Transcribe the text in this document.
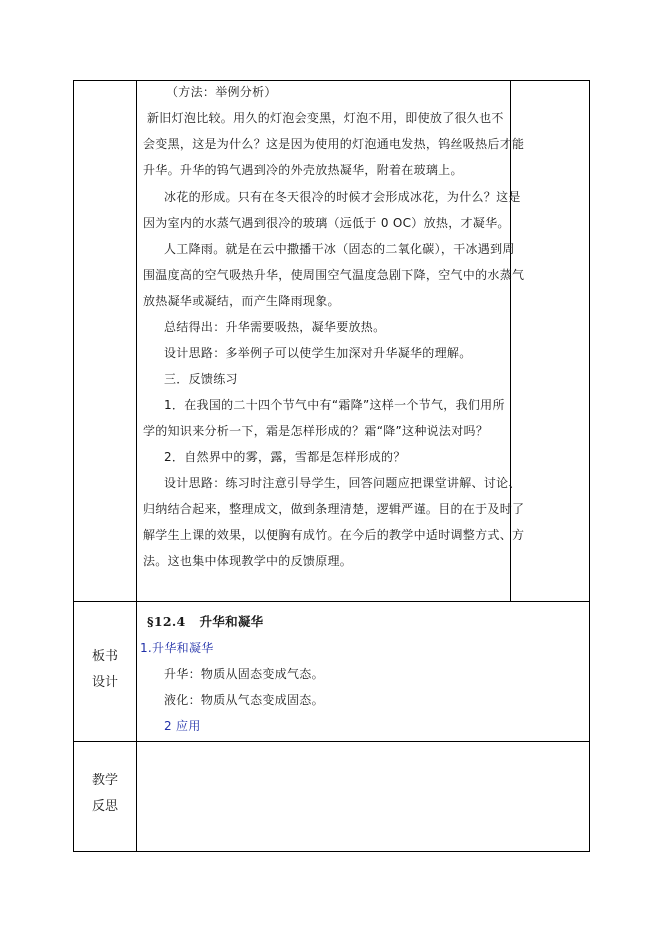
（方法：举例分析）
新旧灯泡比较。用久的灯泡会变黑，灯泡不用，即使放了很久也不
会变黑，这是为什么？这是因为使用的灯泡通电发热，钨丝吸热后才能
升华。升华的钨气遇到冷的外壳放热凝华，附着在玻璃上。
冰花的形成。只有在冬天很冷的时候才会形成冰花，为什么？这是
因为室内的水蒸气遇到很冷的玻璃（远低于 0 OC）放热，才凝华。
人工降雨。就是在云中撒播干冰（固态的二氧化碳），干冰遇到周
围温度高的空气吸热升华，使周围空气温度急剧下降，空气中的水蒸气
放热凝华或凝结，而产生降雨现象。
总结得出：升华需要吸热，凝华要放热。
设计思路：多举例子可以使学生加深对升华凝华的理解。
三．反馈练习
1．在我国的二十四个节气中有“霜降”这样一个节气，我们用所
学的知识来分析一下，霜是怎样形成的？霜“降”这种说法对吗？
2．自然界中的雾，露，雪都是怎样形成的？
设计思路：练习时注意引导学生，回答问题应把课堂讲解、讨论、
归纳结合起来，整理成文，做到条理清楚，逻辑严谨。目的在于及时了
解学生上课的效果，以便胸有成竹。在今后的教学中适时调整方式、方
法。这也集中体现教学中的反馈原理。
板书
设计
§12.4 升华和凝华
1.升华和凝华
升华：物质从固态变成气态。
液化：物质从气态变成固态。
2 应用
教学
反思
